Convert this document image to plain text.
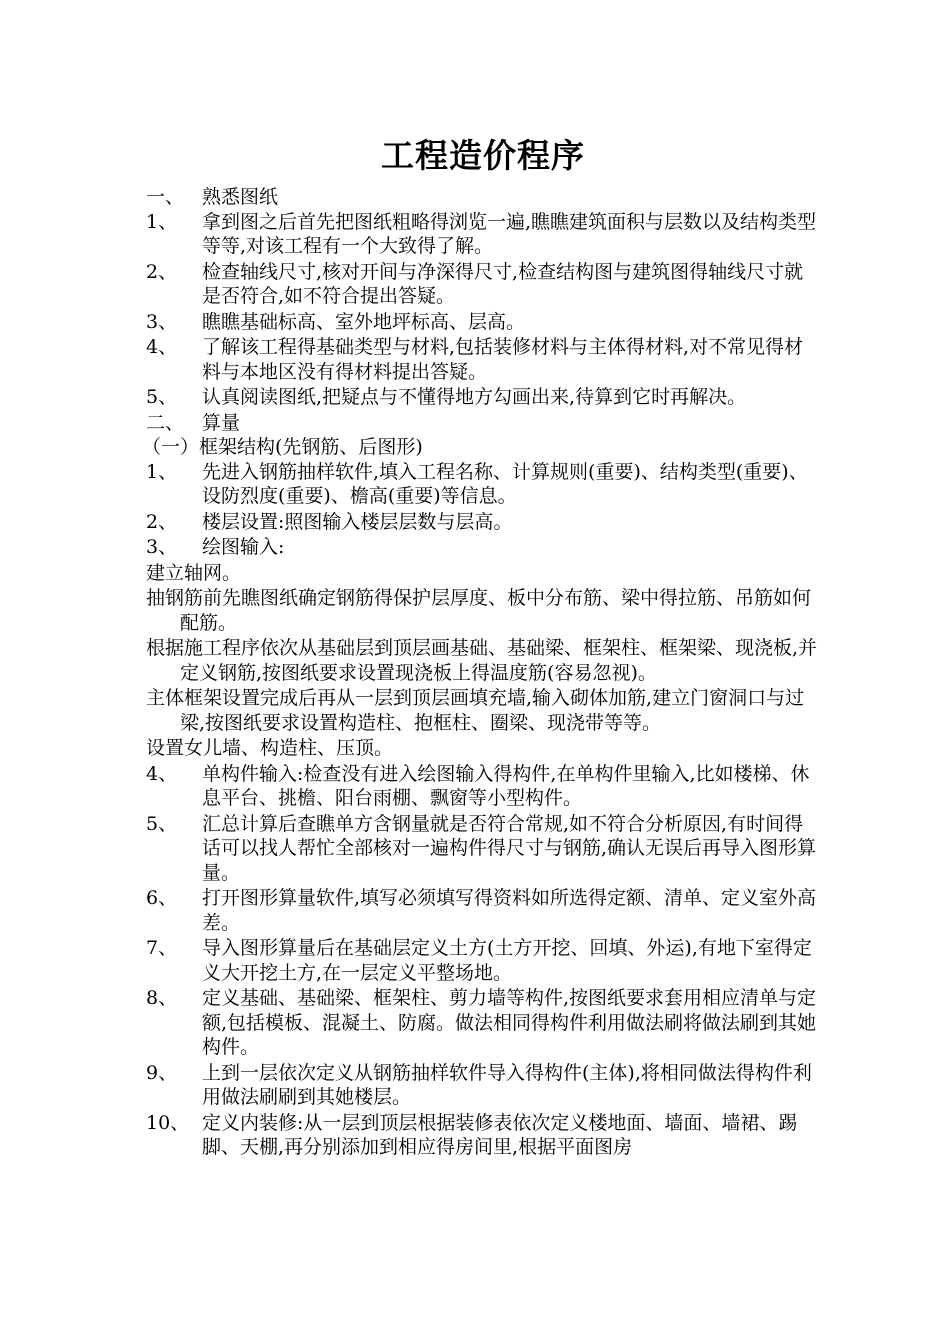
工程造价程序
一、 熟悉图纸
1、	拿到图之后首先把图纸粗略得浏览一遍,瞧瞧建筑面积与层数以及结构类型等等,对该工程有一个大致得了解。
2、	检查轴线尺寸,核对开间与净深得尺寸,检查结构图与建筑图得轴线尺寸就是否符合,如不符合提出答疑。
3、	瞧瞧基础标高、室外地坪标高、层高。
4、	了解该工程得基础类型与材料,包括装修材料与主体得材料,对不常见得材料与本地区没有得材料提出答疑。
5、	认真阅读图纸,把疑点与不懂得地方勾画出来,待算到它时再解决。
二、 算量
（一）框架结构(先钢筋、后图形)
1、	先进入钢筋抽样软件,填入工程名称、计算规则(重要)、结构类型(重要)、设防烈度(重要)、檐高(重要)等信息。
2、	楼层设置:照图输入楼层层数与层高。
3、	绘图输入:
建立轴网。
抽钢筋前先瞧图纸确定钢筋得保护层厚度、板中分布筋、梁中得拉筋、吊筋如何配筋。
根据施工程序依次从基础层到顶层画基础、基础梁、框架柱、框架梁、现浇板,并定义钢筋,按图纸要求设置现浇板上得温度筋(容易忽视)。
主体框架设置完成后再从一层到顶层画填充墙,输入砌体加筋,建立门窗洞口与过梁,按图纸要求设置构造柱、抱框柱、圈梁、现浇带等等。
设置女儿墙、构造柱、压顶。
4、	单构件输入:检查没有进入绘图输入得构件,在单构件里输入,比如楼梯、休息平台、挑檐、阳台雨棚、飘窗等小型构件。
5、	汇总计算后查瞧单方含钢量就是否符合常规,如不符合分析原因,有时间得话可以找人帮忙全部核对一遍构件得尺寸与钢筋,确认无误后再导入图形算量。
6、	打开图形算量软件,填写必须填写得资料如所选得定额、清单、定义室外高差。
7、	导入图形算量后在基础层定义土方(土方开挖、回填、外运),有地下室得定义大开挖土方,在一层定义平整场地。
8、	定义基础、基础梁、框架柱、剪力墙等构件,按图纸要求套用相应清单与定额,包括模板、混凝土、防腐。做法相同得构件利用做法刷将做法刷到其她构件。
9、	上到一层依次定义从钢筋抽样软件导入得构件(主体),将相同做法得构件利用做法刷刷到其她楼层。
10、 定义内装修:从一层到顶层根据装修表依次定义楼地面、墙面、墙裙、踢脚、天棚,再分别添加到相应得房间里,根据平面图房
